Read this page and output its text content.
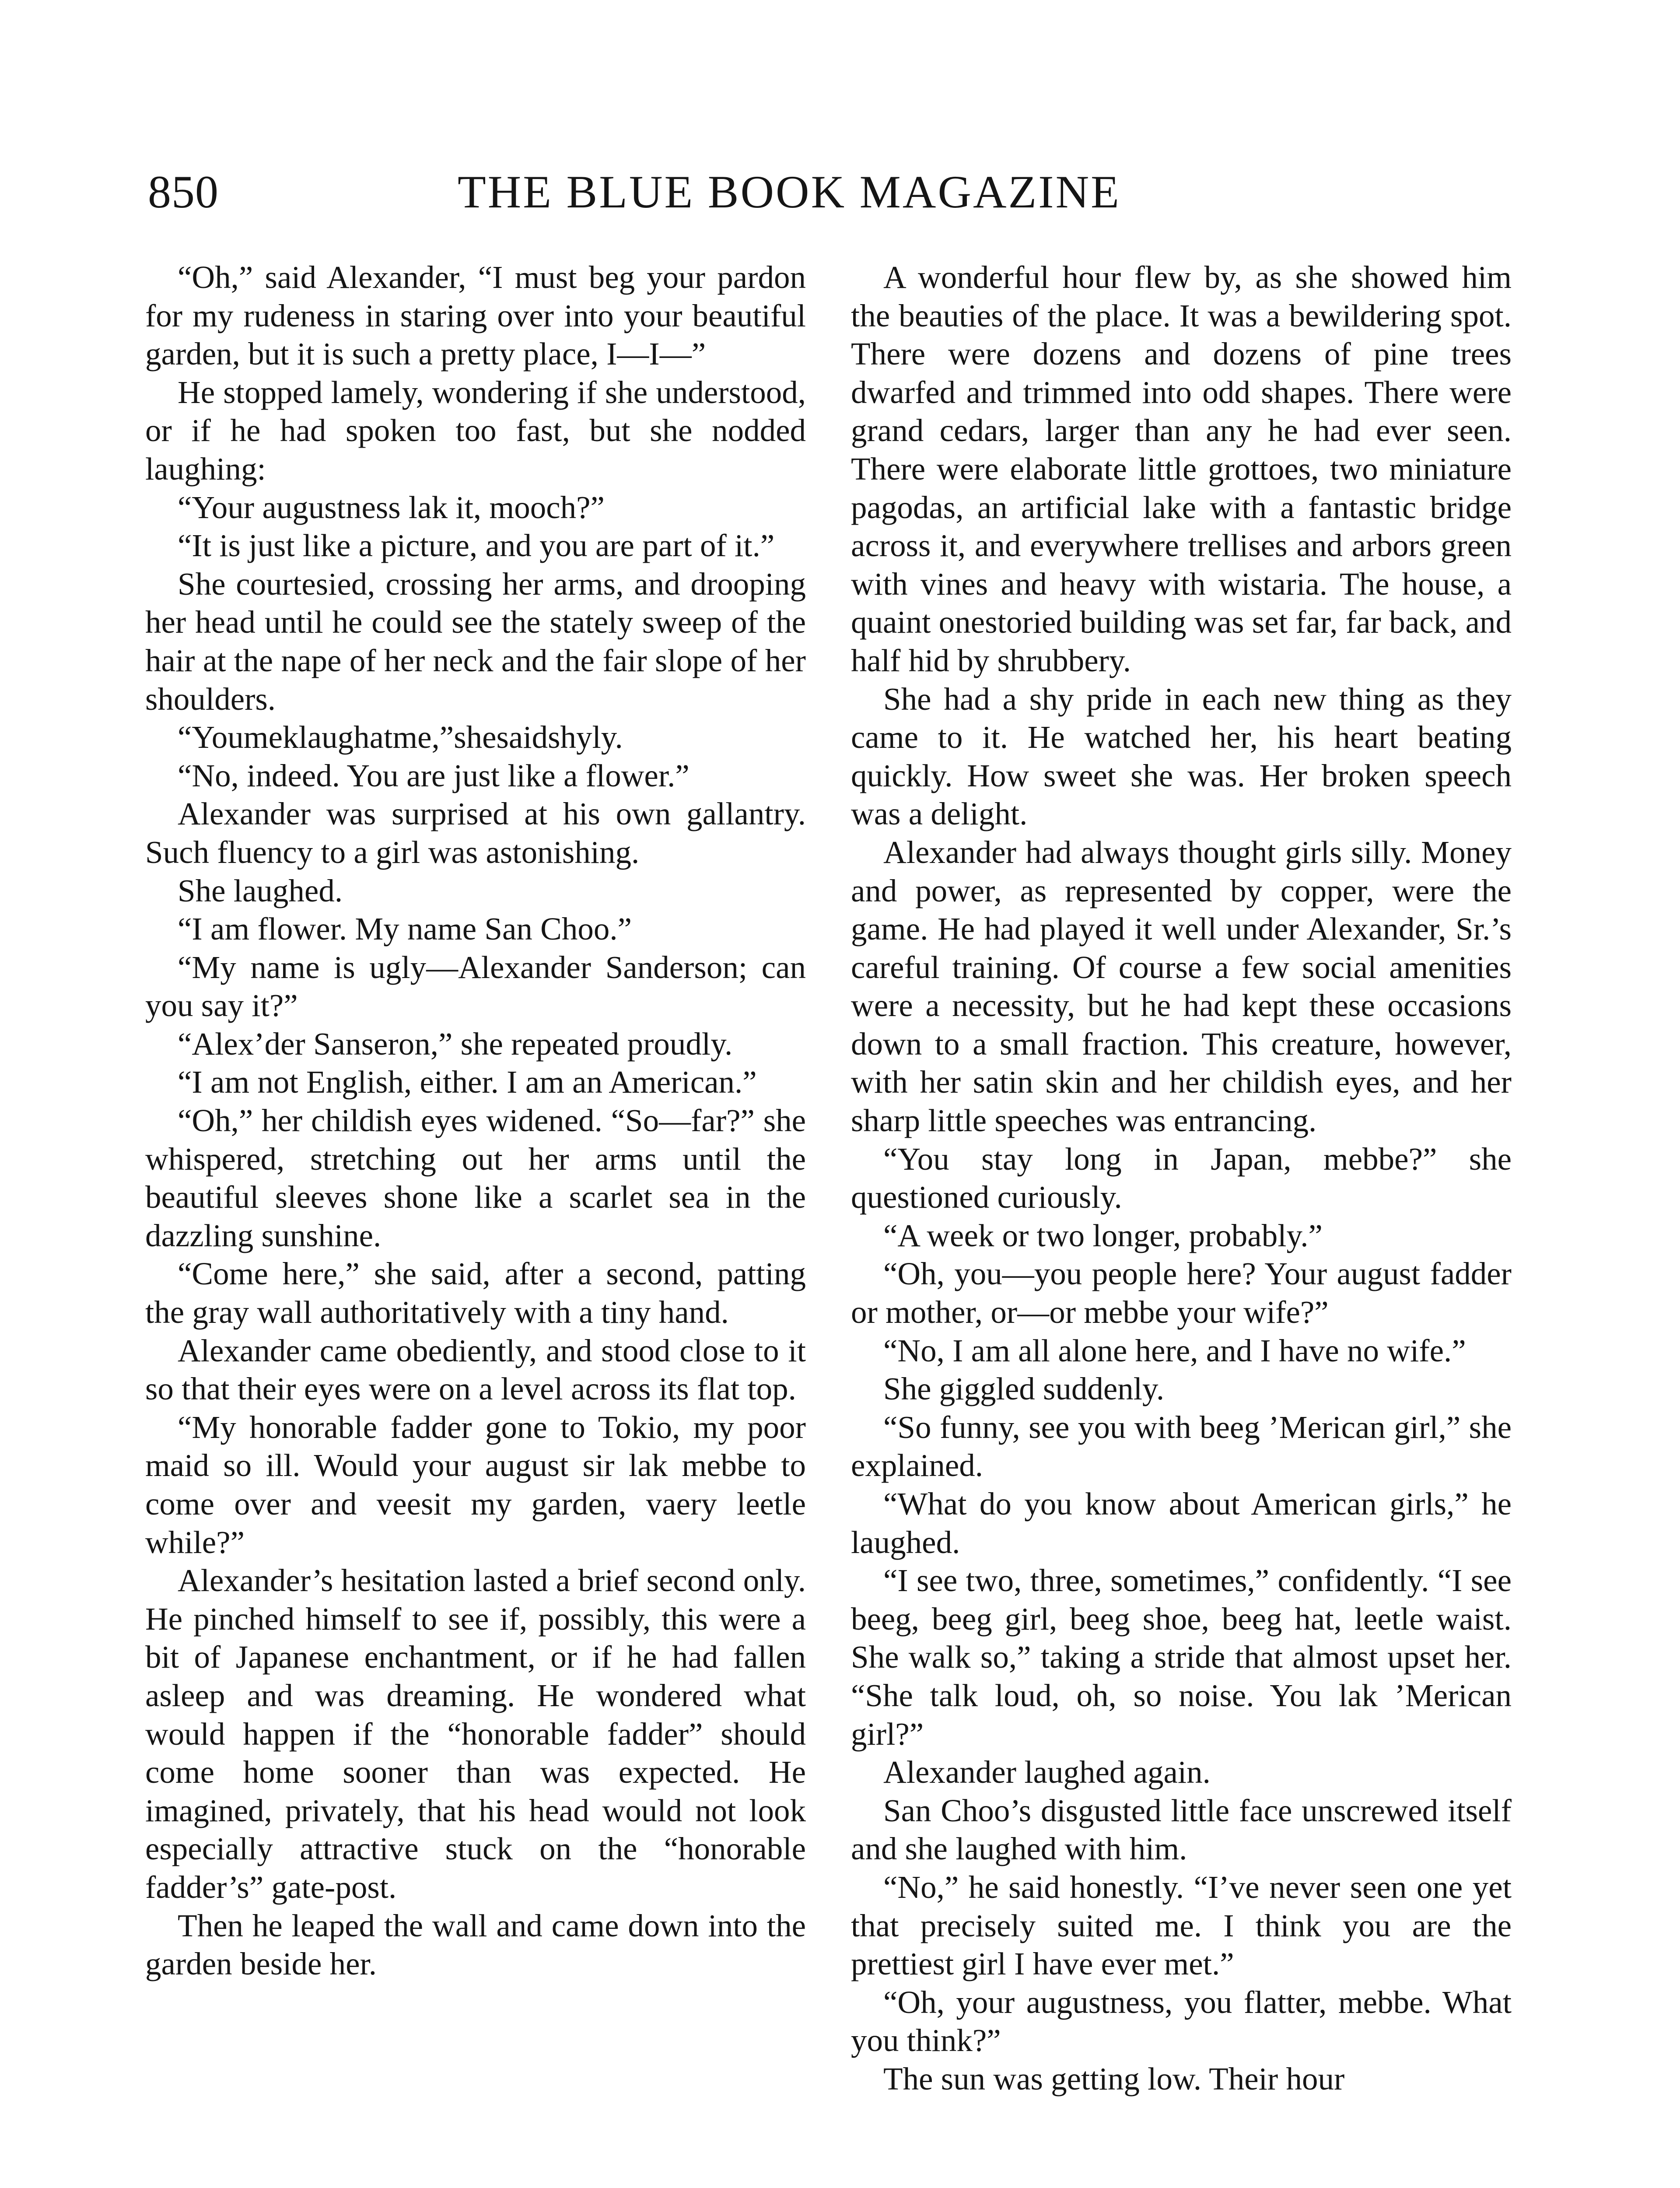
850	THE BLUE BOOK MAGAZINE

“Oh,” said Alexander, “I must beg your pardon for my rudeness in staring over into your beautiful garden, but it is such a pretty place, I—I—”

He stopped lamely, wondering if she understood, or if he had spoken too fast, but she nodded laughing:

“Your augustness lak it, mooch?”

“It is just like a picture, and you are part of it.”

She courtesied, crossing her arms, and drooping her head until he could see the stately sweep of the hair at the nape of her neck and the fair slope of her shoulders.

“Youmeklaughatme,”shesaidshyly.

“No, indeed. You are just like a flower.”

Alexander was surprised at his own gallantry. Such fluency to a girl was astonishing.

She laughed.

“I am flower. My name San Choo.”

“My name is ugly—Alexander Sanderson; can you say it?”

“Alex’der Sanseron,” she repeated proudly.

“I am not English, either. I am an American.”

“Oh,” her childish eyes widened. “So—far?” she whispered, stretching out her arms until the beautiful sleeves shone like a scarlet sea in the dazzling sunshine.

“Come here,” she said, after a second, patting the gray wall authoritatively with a tiny hand.

Alexander came obediently, and stood close to it so that their eyes were on a level across its flat top.

“My honorable fadder gone to Tokio, my poor maid so ill. Would your august sir lak mebbe to come over and veesit my garden, vaery leetle while?”

Alexander’s hesitation lasted a brief second only. He pinched himself to see if, possibly, this were a bit of Japanese enchantment, or if he had fallen asleep and was dreaming. He wondered what would happen if the “honorable fadder” should come home sooner than was expected. He imagined, privately, that his head would not look especially attractive stuck on the “honorable fadder’s” gate-post.

Then he leaped the wall and came down into the garden beside her.

A wonderful hour flew by, as she showed him the beauties of the place. It was a bewildering spot. There were dozens and dozens of pine trees dwarfed and trimmed into odd shapes. There were grand cedars, larger than any he had ever seen. There were elaborate little grottoes, two miniature pagodas, an artificial lake with a fantastic bridge across it, and everywhere trellises and arbors green with vines and heavy with wistaria. The house, a quaint onestoried building was set far, far back, and half hid by shrubbery.

She had a shy pride in each new thing as they came to it. He watched her, his heart beating quickly. How sweet she was. Her broken speech was a delight.

Alexander had always thought girls silly. Money and power, as represented by copper, were the game. He had played it well under Alexander, Sr.’s careful training. Of course a few social amenities were a necessity, but he had kept these occasions down to a small fraction. This creature, however, with her satin skin and her childish eyes, and her sharp little speeches was entrancing.

“You stay long in Japan, mebbe?” she questioned curiously.

“A week or two longer, probably.”

“Oh, you—you people here? Your august fadder or mother, or—or mebbe your wife?”

“No, I am all alone here, and I have no wife.”

She giggled suddenly.

“So funny, see you with beeg ’Merican girl,” she explained.

“What do you know about American girls,” he laughed.

“I see two, three, sometimes,” confidently. “I see beeg, beeg girl, beeg shoe, beeg hat, leetle waist. She walk so,” taking a stride that almost upset her. “She talk loud, oh, so noise. You lak ’Merican girl?”

Alexander laughed again.

San Choo’s disgusted little face unscrewed itself and she laughed with him.

“No,” he said honestly. “I’ve never seen one yet that precisely suited me. I think you are the prettiest girl I have ever met.”

“Oh, your augustness, you flatter, mebbe. What you think?”

The sun was getting low. Their hour
